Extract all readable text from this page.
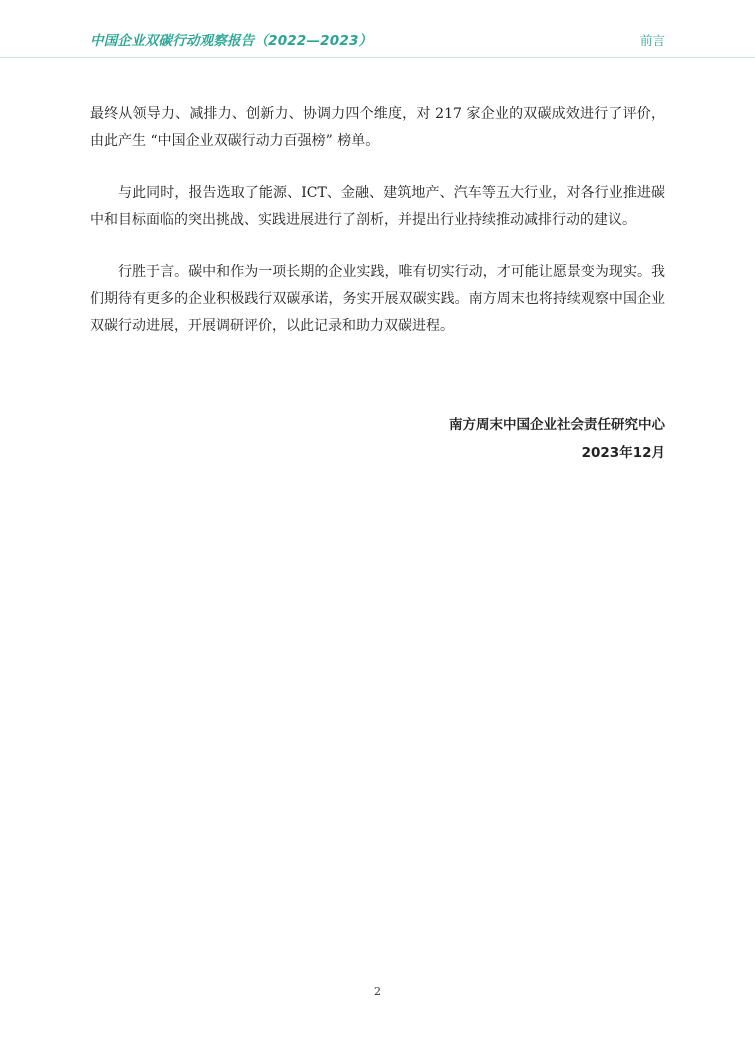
中国企业双碳行动观察报告（2022—2023）	前言

最终从领导力、减排力、创新力、协调力四个维度，对 217 家企业的双碳成效进行了评价，由此产生 “中国企业双碳行动力百强榜” 榜单。

与此同时，报告选取了能源、ICT、金融、建筑地产、汽车等五大行业，对各行业推进碳中和目标面临的突出挑战、实践进展进行了剖析，并提出行业持续推动减排行动的建议。

行胜于言。碳中和作为一项长期的企业实践，唯有切实行动，才可能让愿景变为现实。我们期待有更多的企业积极践行双碳承诺，务实开展双碳实践。南方周末也将持续观察中国企业双碳行动进展，开展调研评价，以此记录和助力双碳进程。

南方周末中国企业社会责任研究中心
2023年12月
2
